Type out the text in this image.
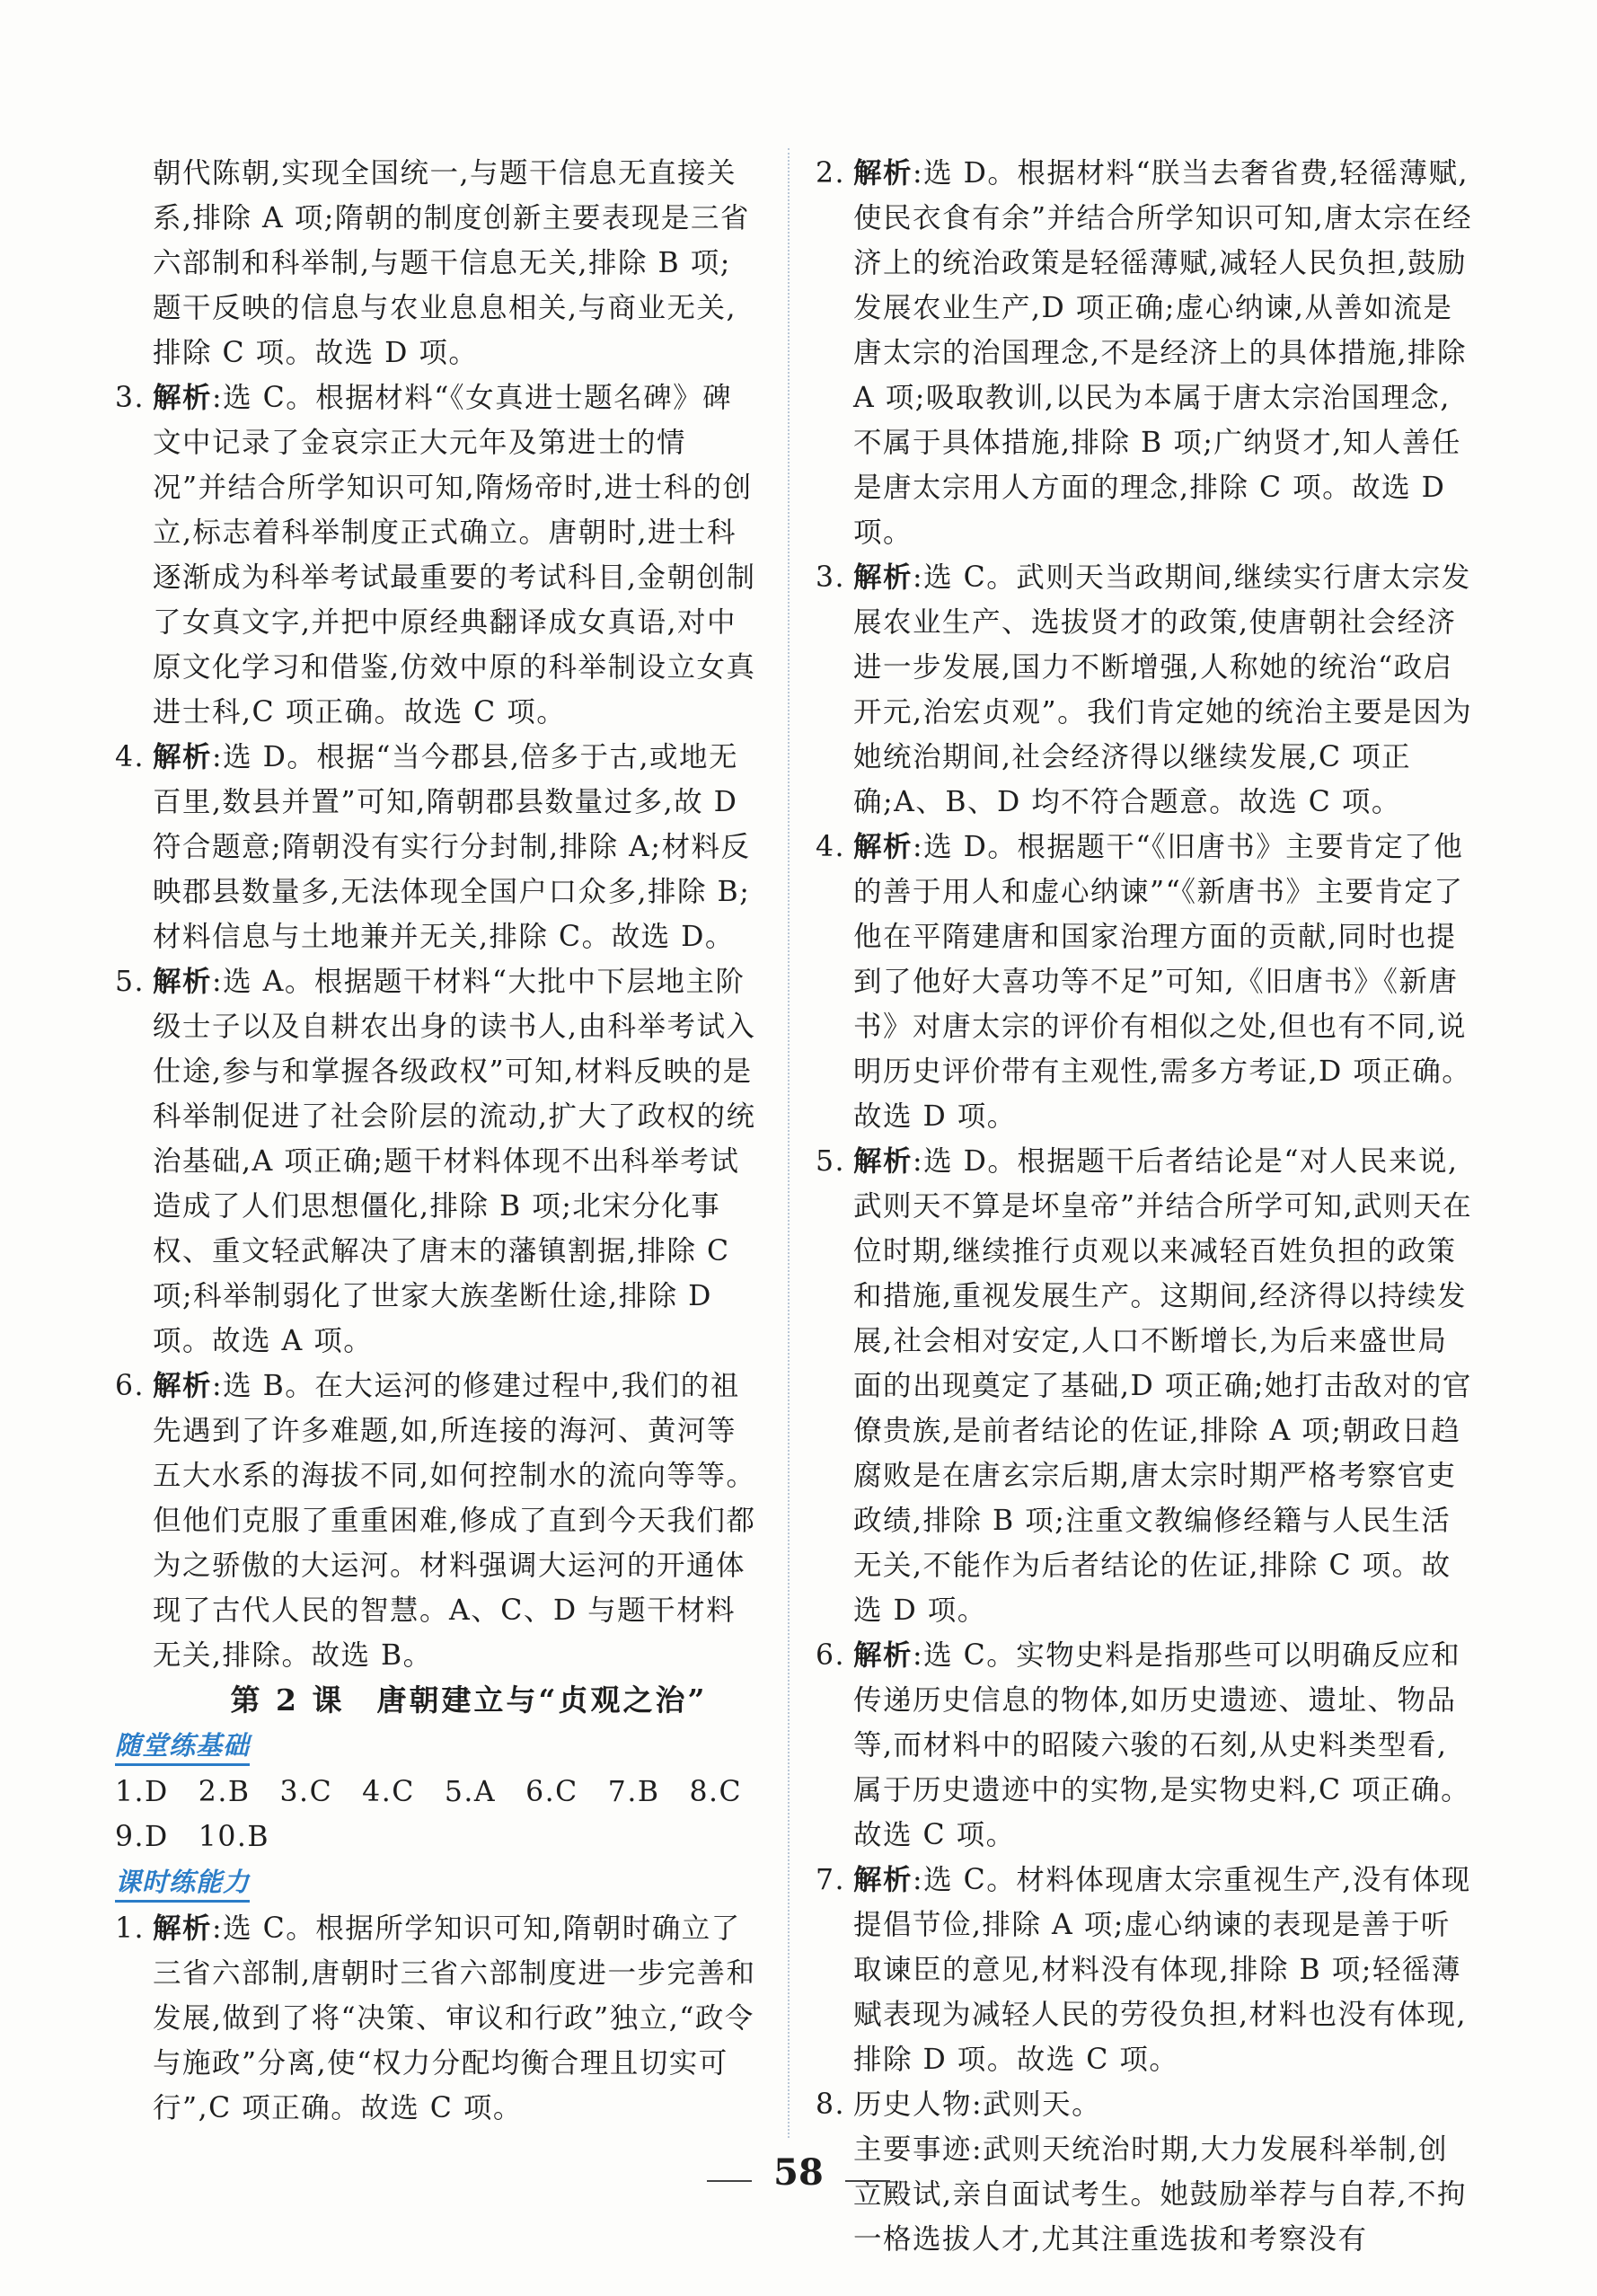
朝代陈朝,实现全国统一,与题干信息无直接关系,排除 A 项;隋朝的制度创新主要表现是三省六部制和科举制,与题干信息无关,排除 B 项;题干反映的信息与农业息息相关,与商业无关,排除 C 项。故选 D 项。

3. 解析:选 C。根据材料“《女真进士题名碑》碑文中记录了金哀宗正大元年及第进士的情况”并结合所学知识可知,隋炀帝时,进士科的创立,标志着科举制度正式确立。唐朝时,进士科逐渐成为科举考试最重要的考试科目,金朝创制了女真文字,并把中原经典翻译成女真语,对中原文化学习和借鉴,仿效中原的科举制设立女真进士科,C 项正确。故选 C 项。

4. 解析:选 D。根据“当今郡县,倍多于古,或地无百里,数县并置”可知,隋朝郡县数量过多,故 D 符合题意;隋朝没有实行分封制,排除 A;材料反映郡县数量多,无法体现全国户口众多,排除 B;材料信息与土地兼并无关,排除 C。故选 D。

5. 解析:选 A。根据题干材料“大批中下层地主阶级士子以及自耕农出身的读书人,由科举考试入仕途,参与和掌握各级政权”可知,材料反映的是科举制促进了社会阶层的流动,扩大了政权的统治基础,A 项正确;题干材料体现不出科举考试造成了人们思想僵化,排除 B 项;北宋分化事权、重文轻武解决了唐末的藩镇割据,排除 C 项;科举制弱化了世家大族垄断仕途,排除 D 项。故选 A 项。

6. 解析:选 B。在大运河的修建过程中,我们的祖先遇到了许多难题,如,所连接的海河、黄河等五大水系的海拔不同,如何控制水的流向等等。但他们克服了重重困难,修成了直到今天我们都为之骄傲的大运河。材料强调大运河的开通体现了古代人民的智慧。A、C、D 与题干材料无关,排除。故选 B。

第 2 课　唐朝建立与“贞观之治”
随堂练基础
1.D　2.B　3.C　4.C　5.A　6.C　7.B　8.C
9.D　10.B
课时练能力

1. 解析:选 C。根据所学知识可知,隋朝时确立了三省六部制,唐朝时三省六部制度进一步完善和发展,做到了将“决策、审议和行政”独立,“政令与施政”分离,使“权力分配均衡合理且切实可行”,C 项正确。故选 C 项。

2. 解析:选 D。根据材料“朕当去奢省费,轻徭薄赋,使民衣食有余”并结合所学知识可知,唐太宗在经济上的统治政策是轻徭薄赋,减轻人民负担,鼓励发展农业生产,D 项正确;虚心纳谏,从善如流是唐太宗的治国理念,不是经济上的具体措施,排除 A 项;吸取教训,以民为本属于唐太宗治国理念,不属于具体措施,排除 B 项;广纳贤才,知人善任是唐太宗用人方面的理念,排除 C 项。故选 D 项。

3. 解析:选 C。武则天当政期间,继续实行唐太宗发展农业生产、选拔贤才的政策,使唐朝社会经济进一步发展,国力不断增强,人称她的统治“政启开元,治宏贞观”。我们肯定她的统治主要是因为她统治期间,社会经济得以继续发展,C 项正确;A、B、D 均不符合题意。故选 C 项。

4. 解析:选 D。根据题干“《旧唐书》主要肯定了他的善于用人和虚心纳谏”“《新唐书》主要肯定了他在平隋建唐和国家治理方面的贡献,同时也提到了他好大喜功等不足”可知,《旧唐书》《新唐书》对唐太宗的评价有相似之处,但也有不同,说明历史评价带有主观性,需多方考证,D 项正确。故选 D 项。

5. 解析:选 D。根据题干后者结论是“对人民来说,武则天不算是坏皇帝”并结合所学可知,武则天在位时期,继续推行贞观以来减轻百姓负担的政策和措施,重视发展生产。这期间,经济得以持续发展,社会相对安定,人口不断增长,为后来盛世局面的出现奠定了基础,D 项正确;她打击敌对的官僚贵族,是前者结论的佐证,排除 A 项;朝政日趋腐败是在唐玄宗后期,唐太宗时期严格考察官吏政绩,排除 B 项;注重文教编修经籍与人民生活无关,不能作为后者结论的佐证,排除 C 项。故选 D 项。

6. 解析:选 C。实物史料是指那些可以明确反应和传递历史信息的物体,如历史遗迹、遗址、物品等,而材料中的昭陵六骏的石刻,从史料类型看,属于历史遗迹中的实物,是实物史料,C 项正确。故选 C 项。

7. 解析:选 C。材料体现唐太宗重视生产,没有体现提倡节俭,排除 A 项;虚心纳谏的表现是善于听取谏臣的意见,材料没有体现,排除 B 项;轻徭薄赋表现为减轻人民的劳役负担,材料也没有体现,排除 D 项。故选 C 项。

8. 历史人物:武则天。

主要事迹:武则天统治时期,大力发展科举制,创立殿试,亲自面试考生。她鼓励举荐与自荐,不拘一格选拔人才,尤其注重选拔和考察没有

58
